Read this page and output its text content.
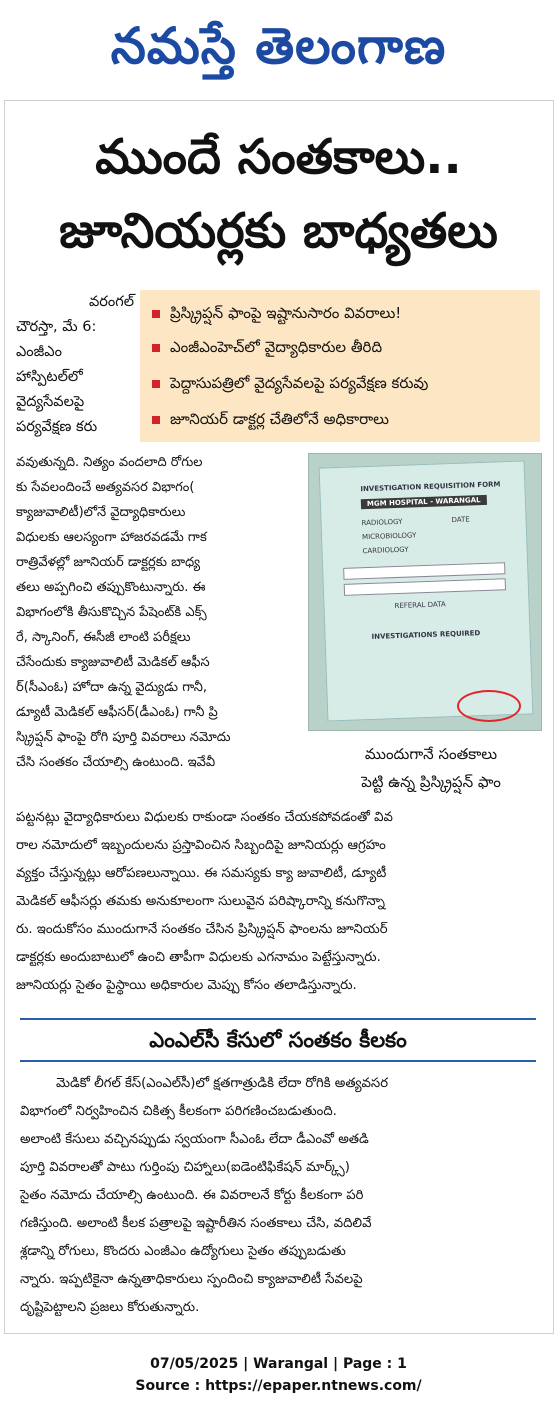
నమస్తే తెలంగాణ
ముందే సంతకాలు..
జూనియర్లకు బాధ్యతలు
ప్రిస్క్రిప్షన్ ఫాంపై ఇష్టానుసారం వివరాలు!
ఎంజీఎంహెచ్‌లో వైద్యాధికారుల తీరిది
పెద్దాసుపత్రిలో వైద్యసేవలపై పర్యవేక్షణ కరువు
జూనియర్ డాక్టర్ల చేతిలోనే అధికారాలు
వరంగల్
చౌరస్తా, మే 6:
ఎంజీఎం
హాస్పిటల్‌లో
వైద్యసేవలపై
పర్యవేక్షణ కరు
వవుతున్నది. నిత్యం వందలాది రోగుల
కు సేవలందించే అత్యవసర విభాగం(
క్యాజువాలిటీ)లోనే వైద్యాధికారులు
విధులకు ఆలస్యంగా హాజరవడమే గాక
రాత్రివేళల్లో జూనియర్ డాక్టర్లకు బాధ్య
తలు అప్పగించి తప్పుకొంటున్నారు. ఈ
విభాగంలోకి తీసుకొచ్చిన పేషెంట్‌కి ఎక్స్
రే, స్కానింగ్, ఈసీజీ లాంటి పరీక్షలు
చేసేందుకు క్యాజువాలిటీ మెడికల్ ఆఫీస
ర్(సీఎంఓ) హోదా ఉన్న వైద్యుడు గానీ,
డ్యూటీ మెడికల్ ఆఫీసర్(డీఎంఓ) గానీ ప్రి
స్క్రిప్షన్ ఫాంపై రోగి పూర్తి వివరాలు నమోదు
చేసి సంతకం చేయాల్సి ఉంటుంది. ఇవేవీ
INVESTIGATION REQUISITION FORM
MGM HOSPITAL - WARANGAL
RADIOLOGY	DATE
MICROBIOLOGY
CARDIOLOGY
REFERAL DATA
INVESTIGATIONS REQUIRED
ముందుగానే సంతకాలు
పెట్టి ఉన్న ప్రిస్క్రిప్షన్ ఫాం
పట్టనట్లు వైద్యాధికారులు విధులకు రాకుండా సంతకం చేయకపోవడంతో వివ
రాల నమోదులో ఇబ్బందులను ప్రస్తావించిన సిబ్బందిపై జూనియర్లు ఆగ్రహం
వ్యక్తం చేస్తున్నట్లు ఆరోపణలున్నాయి. ఈ సమస్యకు క్యా జువాలిటీ, డ్యూటీ
మెడికల్ ఆఫీసర్లు తమకు అనుకూలంగా సులువైన పరిష్కారాన్ని కనుగొన్నా
రు. ఇందుకోసం ముందుగానే సంతకం చేసిన ప్రిస్క్రిప్షన్ ఫాంలను జూనియర్
డాక్టర్లకు అందుబాటులో ఉంచి తాపీగా విధులకు ఎగనామం పెట్టేస్తున్నారు.
జూనియర్లు సైతం పైస్థాయి అధికారుల మెప్పు కోసం తలాడిస్తున్నారు.
ఎంఎల్‌సీ కేసులో సంతకం కీలకం
మెడికో లీగల్ కేస్(ఎంఎల్‌సీ)లో క్షతగాత్రుడికి లేదా రోగికి అత్యవసర
విభాగంలో నిర్వహించిన చికిత్స కీలకంగా పరిగణించబడుతుంది.
అలాంటి కేసులు వచ్చినప్పుడు స్వయంగా సీఎంఓ లేదా డీఎంవో అతడి
పూర్తి వివరాలతో పాటు గుర్తింపు చిహ్నాలు(ఐడెంటిఫికేషన్ మార్క్స్)
సైతం నమోదు చేయాల్సి ఉంటుంది. ఈ వివరాలనే కోర్టు కీలకంగా పరి
గణిస్తుంది. అలాంటి కీలక పత్రాలపై ఇష్టారీతిన సంతకాలు చేసి, వదిలివే
శ్లడాన్ని రోగులు, కొందరు ఎంజీఎం ఉద్యోగులు సైతం తప్పుబడుతు
న్నారు. ఇప్పటికైనా ఉన్నతాధికారులు స్పందించి క్యాజువాలిటీ సేవలపై
దృష్టిపెట్టాలని ప్రజలు కోరుతున్నారు.
07/05/2025 | Warangal | Page : 1
Source : https://epaper.ntnews.com/
